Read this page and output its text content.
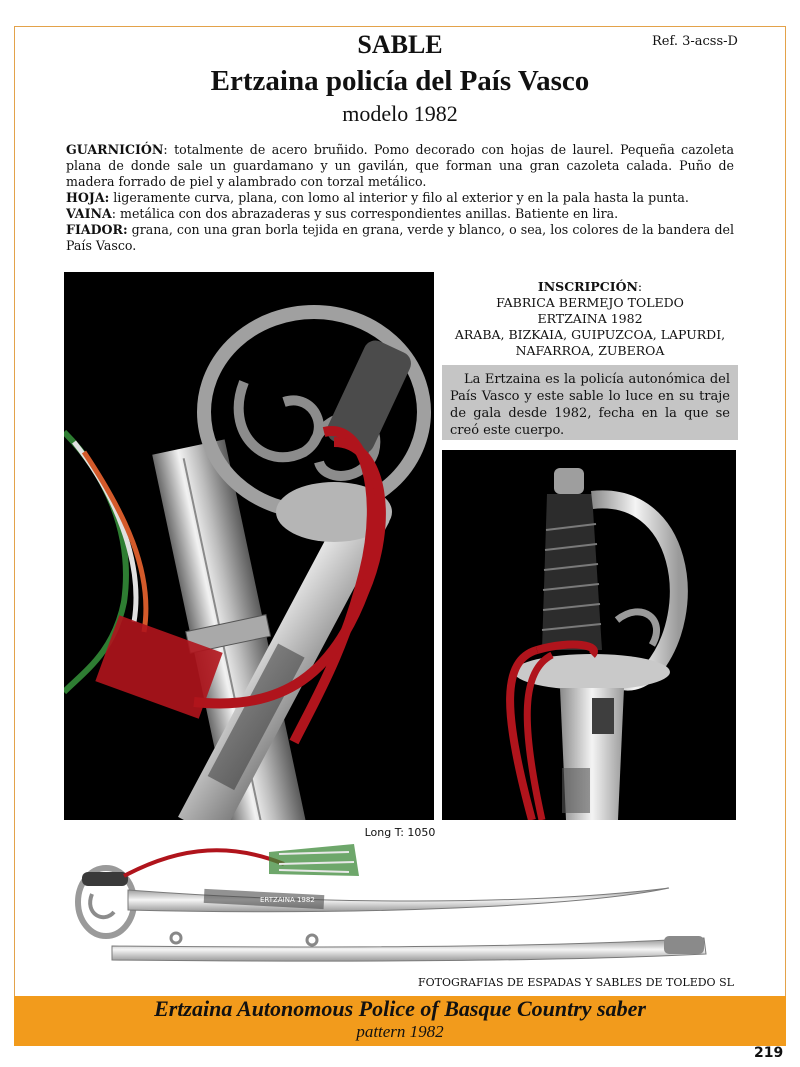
Ref. 3-acss-D
SABLE
Ertzaina policía del País Vasco
modelo 1982

GUARNICIÓN: totalmente de acero bruñido. Pomo decorado con hojas de laurel. Pequeña cazoleta plana de donde sale un guardamano y un gavilán, que forman una gran cazoleta calada. Puño de madera forrado de piel y alambrado con torzal metálico.

HOJA: ligeramente curva, plana, con lomo al interior y filo al exterior y en la pala hasta la punta.

VAINA: metálica con dos abrazaderas y sus correspondientes anillas. Batiente en lira.

FIADOR: grana, con una gran borla tejida en grana, verde y blanco, o sea, los colores de la bandera del País Vasco.

INSCRIPCIÓN:
FABRICA BERMEJO TOLEDO
ERTZAINA 1982
ARABA, BIZKAIA, GUIPUZCOA, LAPURDI,
NAFARROA, ZUBEROA
La Ertzaina es la policía autonómica del País Vasco y este sable lo luce en su traje de gala desde 1982, fecha en la que se creó este cuerpo.
ERTZAINA 1982
Long T: 1050
FOTOGRAFIAS DE ESPADAS Y SABLES DE TOLEDO SL
Ertzaina Autonomous Police of Basque Country saber
pattern 1982
219
